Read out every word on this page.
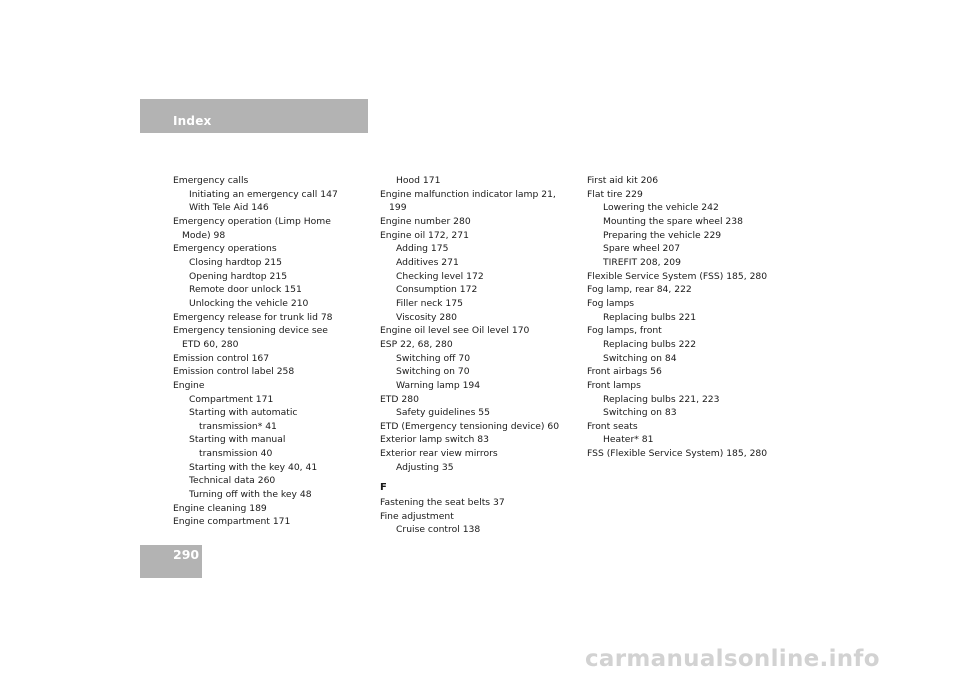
Index
Emergency calls
Initiating an emergency call 147
With Tele Aid 146
Emergency operation (Limp Home
Mode) 98
Emergency operations
Closing hardtop 215
Opening hardtop 215
Remote door unlock 151
Unlocking the vehicle 210
Emergency release for trunk lid 78
Emergency tensioning device see
ETD 60, 280
Emission control 167
Emission control label 258
Engine
Compartment 171
Starting with automatic
transmission* 41
Starting with manual
transmission 40
Starting with the key 40, 41
Technical data 260
Turning off with the key 48
Engine cleaning 189
Engine compartment 171
Hood 171
Engine malfunction indicator lamp 21,
199
Engine number 280
Engine oil 172, 271
Adding 175
Additives 271
Checking level 172
Consumption 172
Filler neck 175
Viscosity 280
Engine oil level see Oil level 170
ESP 22, 68, 280
Switching off 70
Switching on 70
Warning lamp 194
ETD 280
Safety guidelines 55
ETD (Emergency tensioning device) 60
Exterior lamp switch 83
Exterior rear view mirrors
Adjusting 35
F
Fastening the seat belts 37
Fine adjustment
Cruise control 138
First aid kit 206
Flat tire 229
Lowering the vehicle 242
Mounting the spare wheel 238
Preparing the vehicle 229
Spare wheel 207
TIREFIT 208, 209
Flexible Service System (FSS) 185, 280
Fog lamp, rear 84, 222
Fog lamps
Replacing bulbs 221
Fog lamps, front
Replacing bulbs 222
Switching on 84
Front airbags 56
Front lamps
Replacing bulbs 221, 223
Switching on 83
Front seats
Heater* 81
FSS (Flexible Service System) 185, 280
290
carmanualsonline.info
